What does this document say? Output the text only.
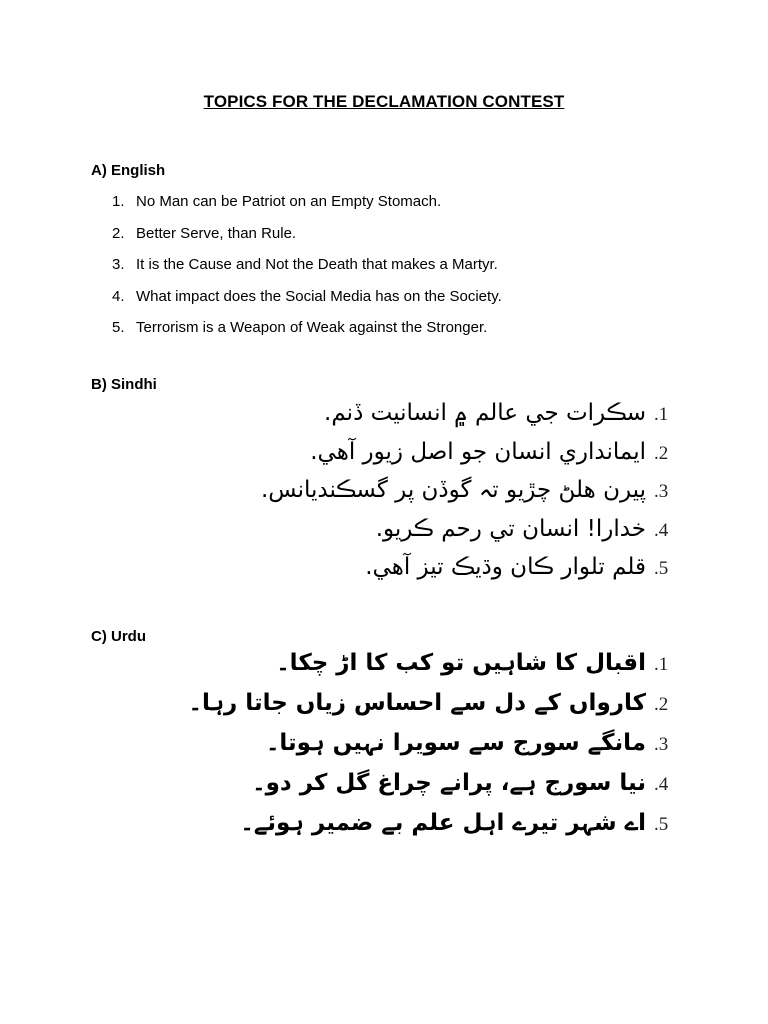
TOPICS FOR THE DECLAMATION CONTEST
A) English
1. No Man can be Patriot on an Empty Stomach.
2. Better Serve, than Rule.
3. It is the Cause and Not the Death that makes a Martyr.
4. What impact does the Social Media has on the Society.
5. Terrorism is a Weapon of Weak against the Stronger.
B) Sindhi
.1
سڪرات جي عالم ۾ انسانيت ڏنم.
.2
ايمانداري انسان جو اصل زيور آهي.
.3
پيرن هلڻ چڙيو تہ گوڏن پر گسڪنديانس.
.4
خدارا! انسان تي رحم ڪريو.
.5
قلم تلوار ڪان وڌيڪ تيز آهي.
C) Urdu
.1
اقبال کا شاہیں تو کب کا اڑ چکا۔
.2
کارواں کے دل سے احساس زیاں جاتا رہا۔
.3
مانگے سورج سے سویرا نہیں ہوتا۔
.4
نیا سورج ہے، پرانے چراغ گل کر دو۔
.5
اے شہر تیرے اہل علم بے ضمیر ہوئے۔
